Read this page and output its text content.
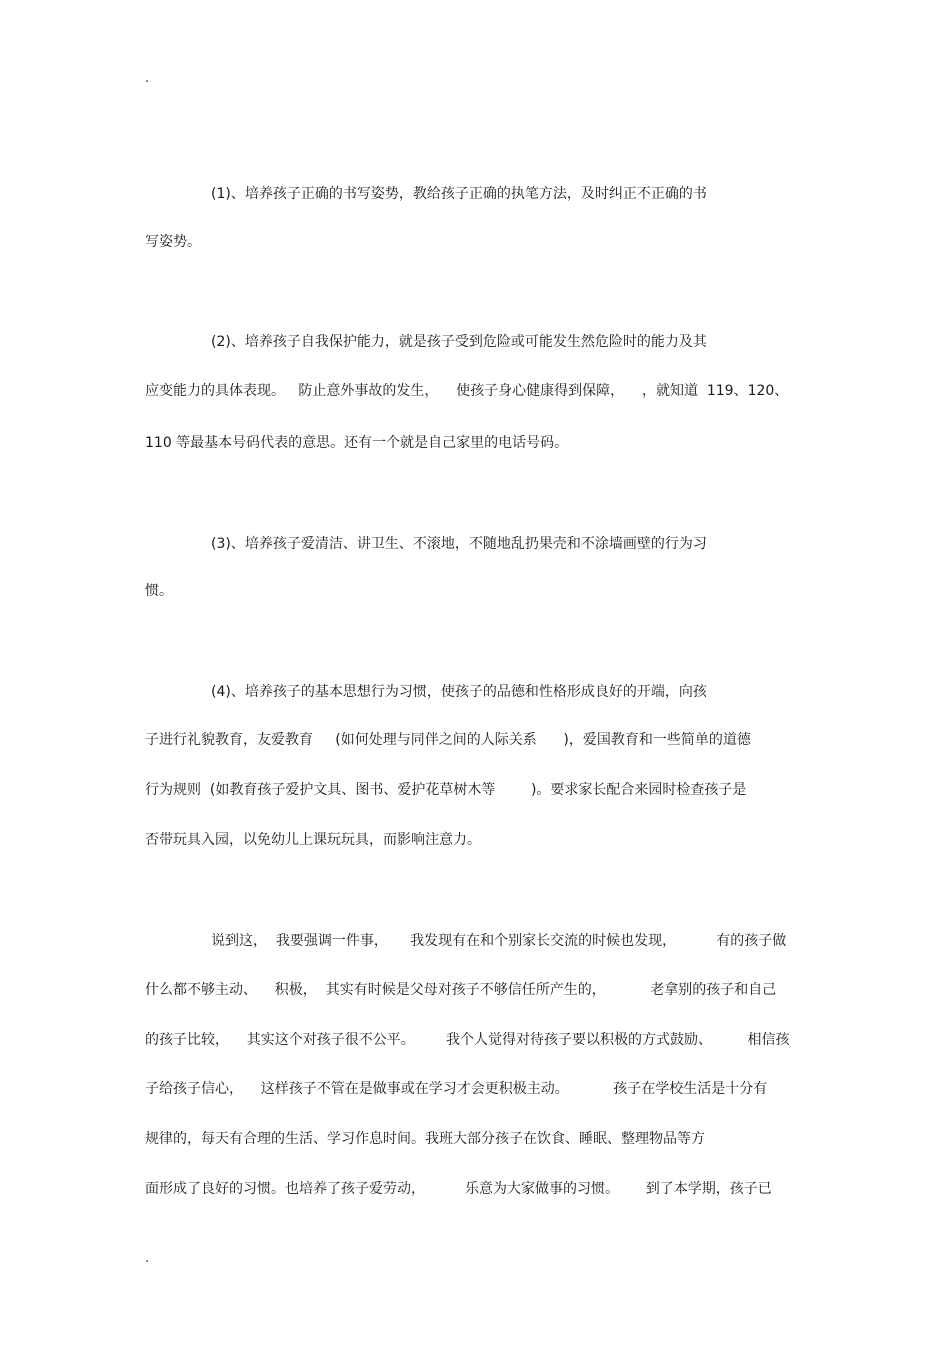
.
(1)、培养孩子正确的书写姿势，教给孩子正确的执笔方法，及时纠正不正确的书
写姿势。
(2)、培养孩子自我保护能力，就是孩子受到危险或可能发生然危险时的能力及其
应变能力的具体表现。   防止意外事故的发生，    使孩子身心健康得到保障，    ，就知道  119、120、
110 等最基本号码代表的意思。还有一个就是自己家里的电话号码。
(3)、培养孩子爱清洁、讲卫生、不滚地，不随地乱扔果壳和不涂墙画壁的行为习
惯。
(4)、培养孩子的基本思想行为习惯，使孩子的品德和性格形成良好的开端，向孩
子进行礼貌教育，友爱教育     (如何处理与同伴之间的人际关系      )，爱国教育和一些简单的道德
行为规则  (如教育孩子爱护文具、图书、爱护花草树木等        )。要求家长配合来园时检查孩子是
否带玩具入园，以免幼儿上课玩玩具，而影响注意力。
说到这，  我要强调一件事，     我发现有在和个别家长交流的时候也发现，         有的孩子做
什么都不够主动、    积极，  其实有时候是父母对孩子不够信任所产生的，          老拿别的孩子和自己
的孩子比较，    其实这个对孩子很不公平。       我个人觉得对待孩子要以积极的方式鼓励、        相信孩
子给孩子信心，    这样孩子不管在是做事或在学习才会更积极主动。          孩子在学校生活是十分有
规律的，每天有合理的生活、学习作息时间。我班大部分孩子在饮食、睡眠、整理物品等方
面形成了良好的习惯。也培养了孩子爱劳动，         乐意为大家做事的习惯。      到了本学期，孩子已
.
